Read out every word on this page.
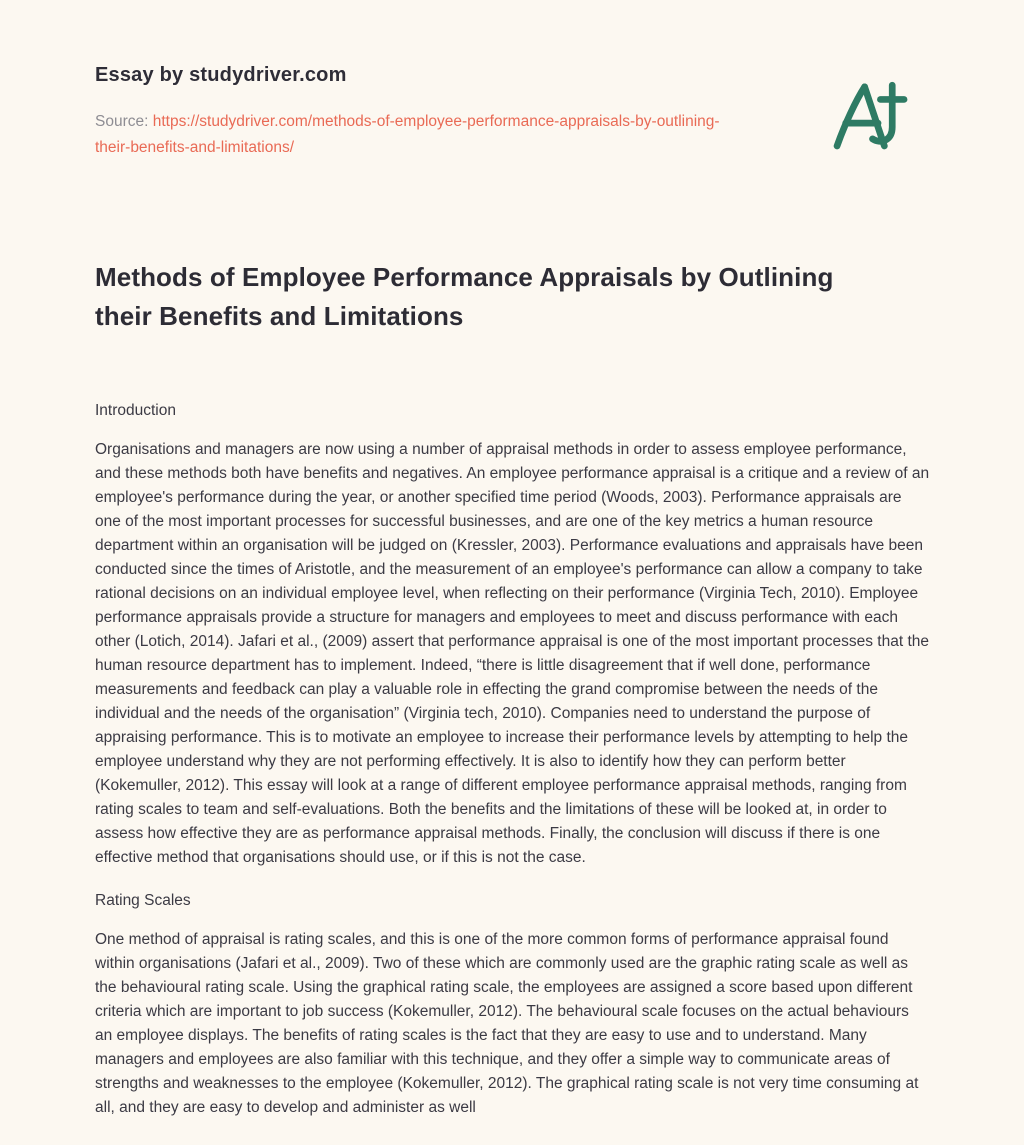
Essay by studydriver.com

Source: https://studydriver.com/methods-of-employee-performance-appraisals-by-outlining-their-benefits-and-limitations/

Methods of Employee Performance Appraisals by Outlining their Benefits and Limitations
Introduction

Organisations and managers are now using a number of appraisal methods in order to assess employee performance, and these methods both have benefits and negatives. An employee performance appraisal is a critique and a review of an employee's performance during the year, or another specified time period (Woods, 2003). Performance appraisals are one of the most important processes for successful businesses, and are one of the key metrics a human resource department within an organisation will be judged on (Kressler, 2003). Performance evaluations and appraisals have been conducted since the times of Aristotle, and the measurement of an employee's performance can allow a company to take rational decisions on an individual employee level, when reflecting on their performance (Virginia Tech, 2010). Employee performance appraisals provide a structure for managers and employees to meet and discuss performance with each other (Lotich, 2014). Jafari et al., (2009) assert that performance appraisal is one of the most important processes that the human resource department has to implement. Indeed, “there is little disagreement that if well done, performance measurements and feedback can play a valuable role in effecting the grand compromise between the needs of the individual and the needs of the organisation” (Virginia tech, 2010). Companies need to understand the purpose of appraising performance. This is to motivate an employee to increase their performance levels by attempting to help the employee understand why they are not performing effectively. It is also to identify how they can perform better (Kokemuller, 2012). This essay will look at a range of different employee performance appraisal methods, ranging from rating scales to team and self-evaluations. Both the benefits and the limitations of these will be looked at, in order to assess how effective they are as performance appraisal methods. Finally, the conclusion will discuss if there is one effective method that organisations should use, or if this is not the case.

Rating Scales

One method of appraisal is rating scales, and this is one of the more common forms of performance appraisal found within organisations (Jafari et al., 2009). Two of these which are commonly used are the graphic rating scale as well as the behavioural rating scale. Using the graphical rating scale, the employees are assigned a score based upon different criteria which are important to job success (Kokemuller, 2012). The behavioural scale focuses on the actual behaviours an employee displays. The benefits of rating scales is the fact that they are easy to use and to understand. Many managers and employees are also familiar with this technique, and they offer a simple way to communicate areas of strengths and weaknesses to the employee (Kokemuller, 2012). The graphical rating scale is not very time consuming at all, and they are easy to develop and administer as well
